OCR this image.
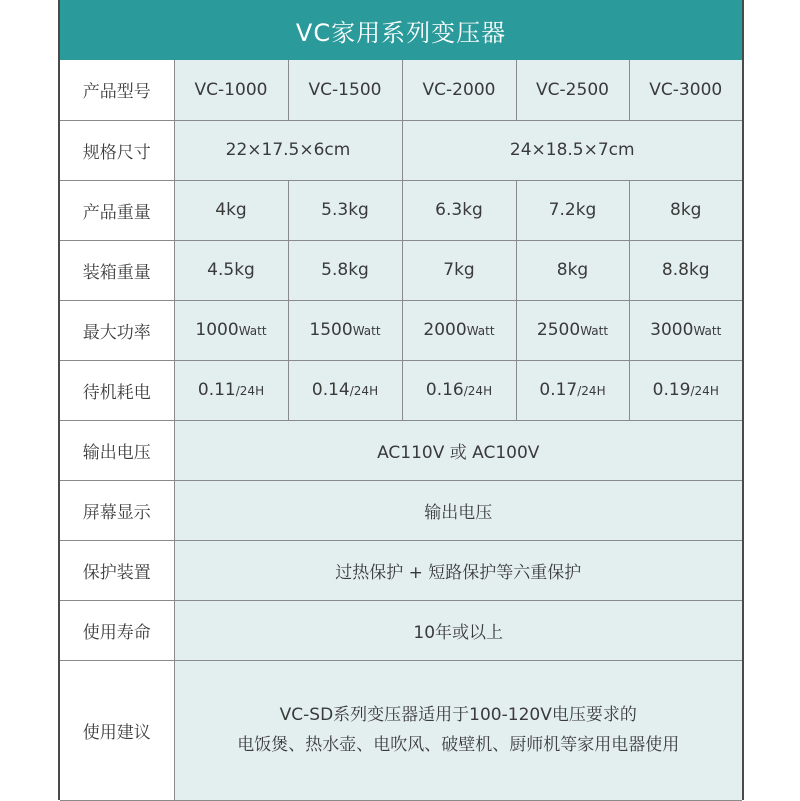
VC家用系列变压器
产品型号	VC-1000	VC-1500	VC-2000	VC-2500	VC-3000
规格尺寸	22×17.5×6cm		24×18.5×7cm		
产品重量	4kg	5.3kg	6.3kg	7.2kg	8kg
装箱重量	4.5kg	5.8kg	7kg	8kg	8.8kg
最大功率	1000Watt	1500Watt	2000Watt	2500Watt	3000Watt
待机耗电	0.11/24H	0.14/24H	0.16/24H	0.17/24H	0.19/24H
输出电压	AC110V 或 AC100V				
屏幕显示	输出电压				
保护装置	过热保护 + 短路保护等六重保护				
使用寿命	10年或以上				
使用建议	VC-SD系列变压器适用于100-120V电压要求的
电饭煲、热水壶、电吹风、破壁机、厨师机等家用电器使用				
